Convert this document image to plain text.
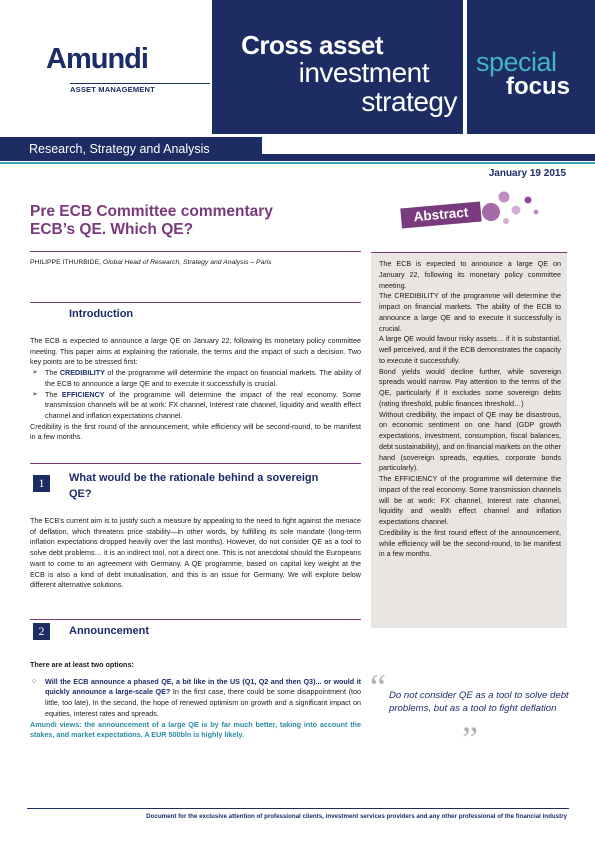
Amundi
ASSET MANAGEMENT
Cross asset
investment
strategy
special
focus
Research, Strategy and Analysis
January 19 2015
Pre ECB Committee commentary
ECB’s QE. Which QE?
PHILIPPE ITHURBIDE, Global Head of Research, Strategy and Analysis – Paris
Introduction
The ECB is expected to announce a large QE on January 22, following its monetary policy committee meeting. This paper aims at explaining the rationale, the terms and the impact of such a decision. Two key points are to be stressed first:
➢ The CREDIBILITY of the programme will determine the impact on financial markets. The ability of the ECB to announce a large QE and to execute it successfully is crucial.
➢ The EFFICIENCY of the programme will determine the impact of the real economy. Some transmission channels will be at work: FX channel, Interest rate channel, liquidity and wealth effect channel and inflation expectations channel.
Credibility is the first round of the announcement, while efficiency will be second-round, to be manifest in a few months.
1	What would be the rationale behind a sovereign
QE?
The ECB's current aim is to justify such a measure by appealing to the need to fight against the menace of deflation, which threatens price stability—in other words, by fulfilling its sole mandate (long-term inflation expectations dropped heavily over the last months). However, do not consider QE as a tool to solve debt problems… it is an indirect tool, not a direct one. This is not anecdotal should the Europeans want to come to an agreement with Germany. A QE programme, based on capital key weight at the ECB is also a kind of debt mutualisation, and this is an issue for Germany. We will explore below different alternative solutions.
2	Announcement
There are at least two options:
○ Will the ECB announce a phased QE, a bit like in the US (Q1, Q2 and then Q3)... or would it quickly announce a large-scale QE? In the first case, there could be some disappointment (too little, too late). In the second, the hope of renewed optimism on growth and a significant impact on equities, interest rates and spreads.
Amundi views: the announcement of a large QE is by far much better, taking into account the stakes, and market expectations. A EUR 500bln is highly likely.
Abstract
The ECB is expected to announce a large QE on January 22, following its monetary policy committee meeting.
The CREDIBILITY of the programme will determine the impact on financial markets. The ability of the ECB to announce a large QE and to execute it successfully is crucial.
A large QE would favour risky assets… if it is substantial, well perceived, and if the ECB demonstrates the capacity to execute it successfully.
Bond yields would decline further, while sovereign spreads would narrow. Pay attention to the terms of the QE, particularly if it excludes some sovereign debts (rating threshold, public finances threshold…)
Without credibility, the impact of QE may be disastrous, on economic sentiment on one hand (GDP growth expectations, investment, consumption, fiscal balances, debt sustainability), and on financial markets on the other hand (sovereign spreads, equities, corporate bonds particularly).
The EFFICIENCY of the programme will determine the impact of the real economy. Some transmission channels will be at work: FX channel, Interest rate channel, liquidity and wealth effect channel and inflation expectations channel.
Credibility is the first round effect of the announcement, while efficiency will be the second-round, to be manifest in a few months.
“ Do not consider QE as a tool to solve debt problems, but as a tool to fight deflation
”
Document for the exclusive attention of professional clients, investment services providers and any other professional of the financial industry
